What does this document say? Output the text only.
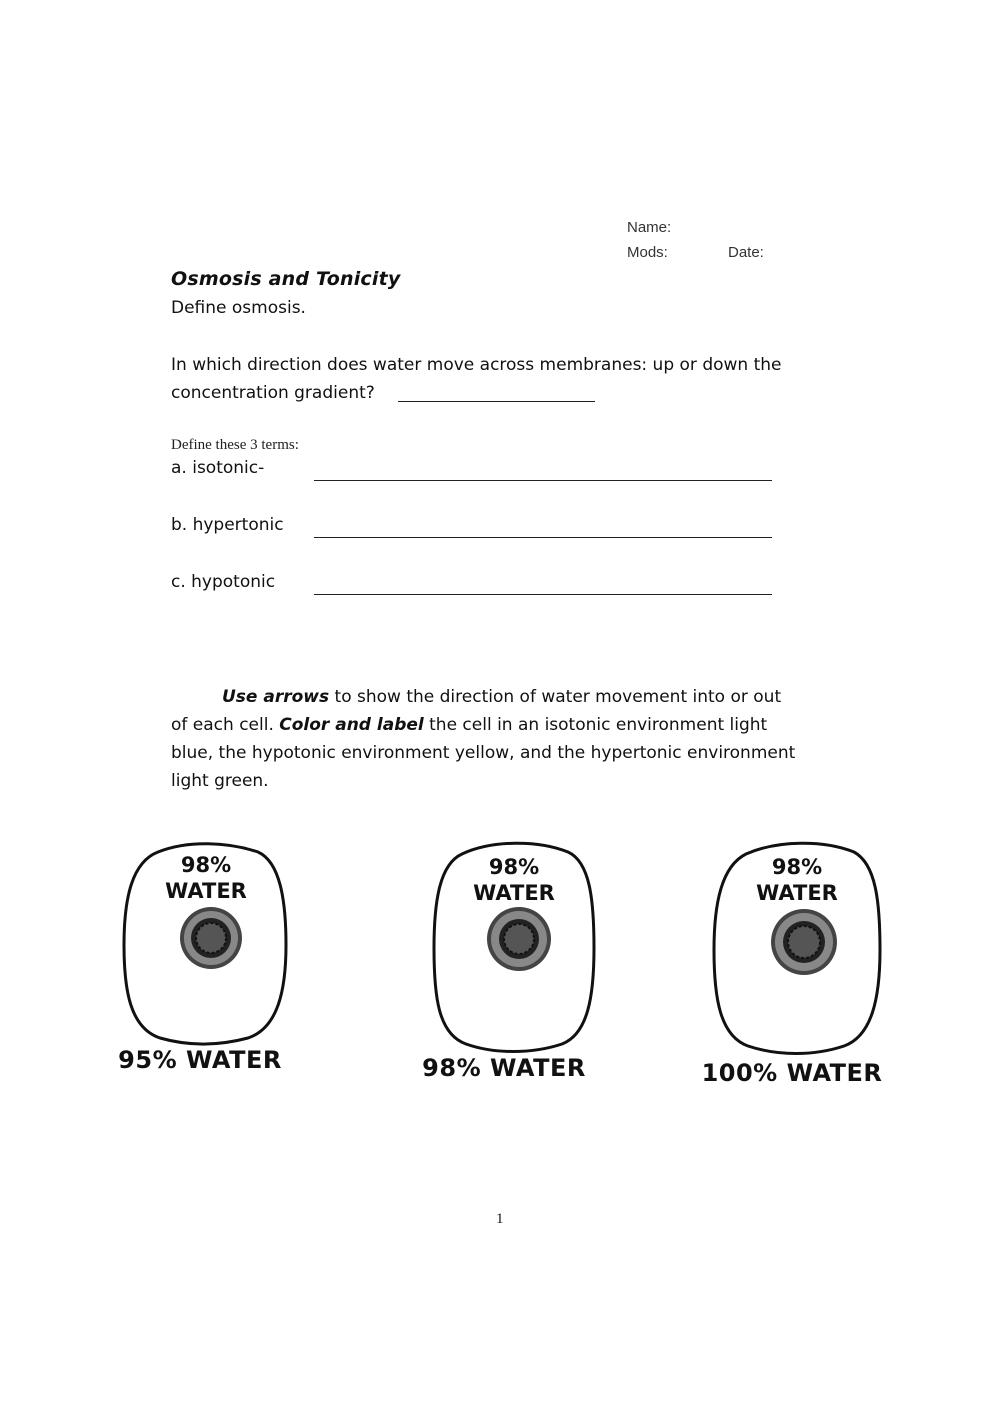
Name:
Mods:	Date:
Osmosis and Tonicity
Define osmosis.
In which direction does water move across membranes: up or down the
concentration gradient?
Define these 3 terms:
a. isotonic-
b. hypertonic
c. hypotonic
Use arrows to show the direction of water movement into or out
of each cell. Color and label the cell in an isotonic environment light
blue, the hypotonic environment yellow, and the hypertonic environment
light green.
98%
WATER
95% WATER
98%
WATER
98% WATER
98%
WATER
100% WATER
1
